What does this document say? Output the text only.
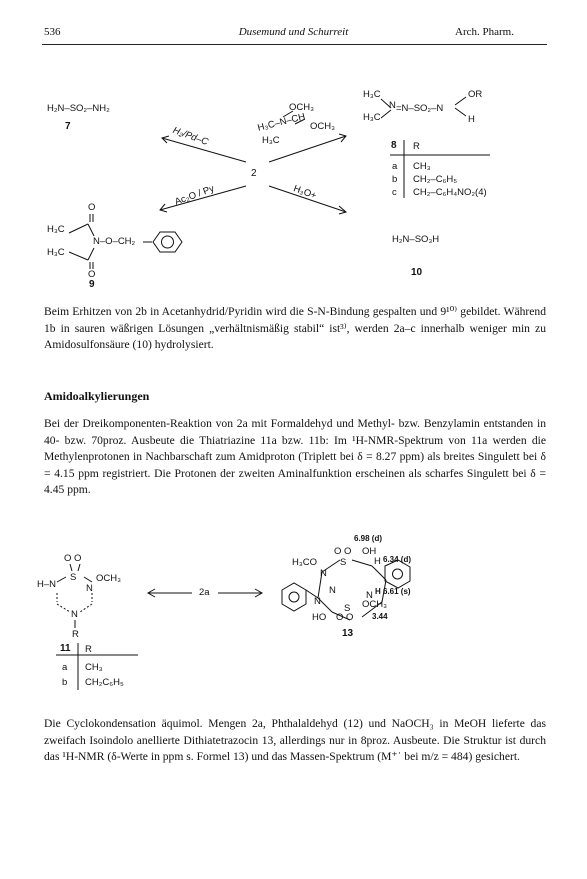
536	Dusemund und Schurreit	Arch. Pharm.
H₂N–SO₂–NH₂
7	H₂/Pd–C
Ac₂O / Py	H₃O+
OCH₃
H₃C–N–CH OCH₃
H₃C
2
H₃C
N
H₃C
=N–SO₂–N
OR
H
8 R
a CH₃
b CH₂–C₆H₅
c CH₂–C₆H₄NO₂(4)
O
H₃C
N–O–CH₂
H₃C
O
9
H₂N–SO₃H
10
Beim Erhitzen von 2b in Acetanhydrid/Pyridin wird die S-N-Bindung gespalten und 9¹⁰⁾ gebildet. Während 1b in sauren wäßrigen Lösungen „verhältnismäßig stabil“ ist³⁾, werden 2a–c innerhalb weniger min zu Amidosulfonsäure (10) hydrolysiert.
Amidoalkylierungen
Bei der Dreikomponenten-Reaktion von 2a mit Formaldehyd und Methyl- bzw. Benzylamin entstanden in 40- bzw. 70proz. Ausbeute die Thiatriazine 11a bzw. 11b: Im ¹H-NMR-Spektrum von 11a werden die Methylenprotonen in Nachbarschaft zum Amidproton (Triplett bei δ = 8.27 ppm) als breites Singulett bei δ = 4.15 ppm registriert. Die Protonen der zweiten Aminalfunktion erscheinen als scharfes Singulett bei δ = 4.45 ppm.
O O
S
H–N	N
OCH₃
N
R
11 R
a CH₃
b CH₂C₆H₅
2a
6.98 (d)
O O OH
H₃CO S	H 6.34 (d)
N
N H 6.61 (s)
N
S OCH₃
3.44
HO O O
N
13
Die Cyclokondensation äquimol. Mengen 2a, Phthalaldehyd (12) und NaOCH₃ in MeOH lieferte das zweifach Isoindolo anellierte Dithiatetrazocin 13, allerdings nur in 8proz. Ausbeute. Die Struktur ist durch das ¹H-NMR (δ-Werte in ppm s. Formel 13) und das Massen-Spektrum (M⁺˙ bei m/z = 484) gesichert.
